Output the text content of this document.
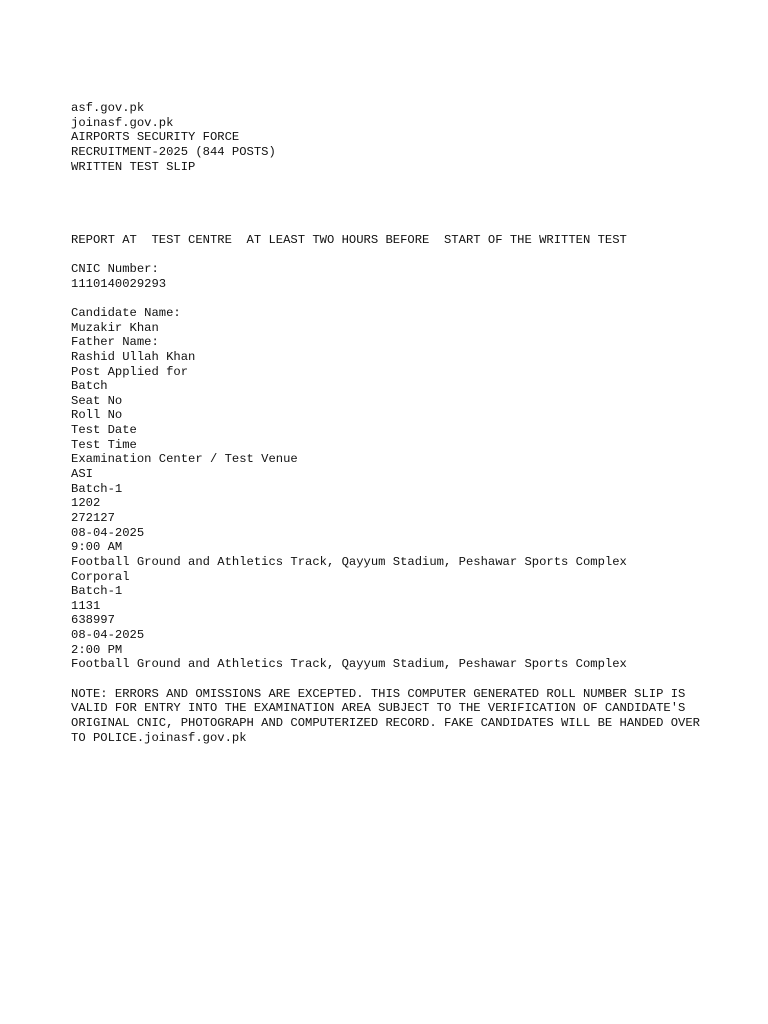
asf.gov.pk
joinasf.gov.pk
AIRPORTS SECURITY FORCE
RECRUITMENT-2025 (844 POSTS)
WRITTEN TEST SLIP
REPORT AT  TEST CENTRE  AT LEAST TWO HOURS BEFORE  START OF THE WRITTEN TEST
CNIC Number:
1110140029293
Candidate Name:
Muzakir Khan
Father Name:
Rashid Ullah Khan
Post Applied for
Batch
Seat No
Roll No
Test Date
Test Time
Examination Center / Test Venue
ASI
Batch-1
1202
272127
08-04-2025
9:00 AM
Football Ground and Athletics Track, Qayyum Stadium, Peshawar Sports Complex
Corporal
Batch-1
1131
638997
08-04-2025
2:00 PM
Football Ground and Athletics Track, Qayyum Stadium, Peshawar Sports Complex
NOTE: ERRORS AND OMISSIONS ARE EXCEPTED. THIS COMPUTER GENERATED ROLL NUMBER SLIP IS VALID FOR ENTRY INTO THE EXAMINATION AREA SUBJECT TO THE VERIFICATION OF CANDIDATE'S ORIGINAL CNIC, PHOTOGRAPH AND COMPUTERIZED RECORD. FAKE CANDIDATES WILL BE HANDED OVER TO POLICE.joinasf.gov.pk
